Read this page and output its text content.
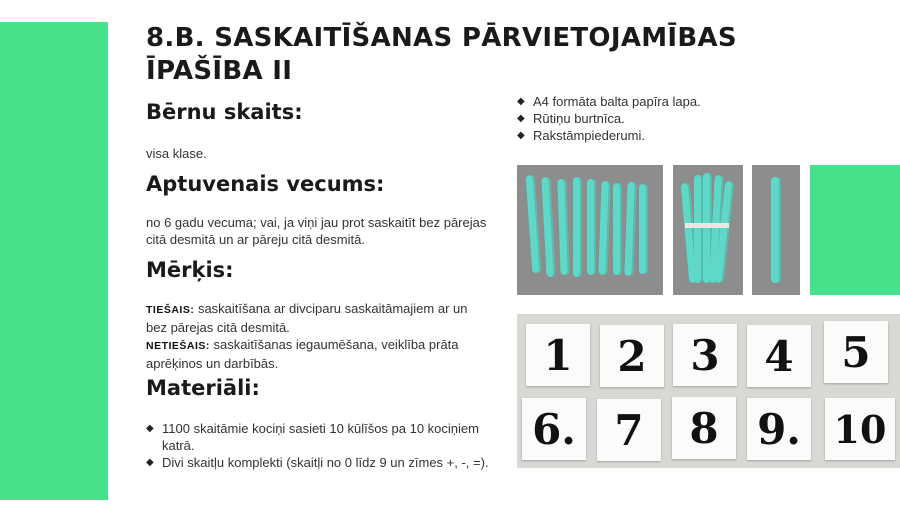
8.B. SASKAITĪŠANAS PĀRVIETOJAMĪBAS ĪPAŠĪBA II
Bērnu skaits:

visa klase.

Aptuvenais vecums:

no 6 gadu vecuma; vai, ja viņi jau prot saskaitīt bez pārejas citā desmitā un ar pāreju citā desmitā.

Mērķis:

TIEŠAIS: saskaitīšana ar divciparu saskaitāmajiem ar un bez pārejas citā desmitā.
NETIEŠAIS: saskaitīšanas iegaumēšana, veiklība prāta aprēķinos un darbībās.

Materiāli:
◆ 1100 skaitāmie kociņi sasieti 10 kūlīšos pa 10 kociņiem katrā.
◆ Divi skaitļu komplekti (skaitļi no 0 līdz 9 un zīmes +, -, =).
◆ A4 formāta balta papīra lapa.
◆ Rūtiņu burtnīca.
◆ Rakstāmpiederumi.
1	2	3	4	5
6. 7	8 9. 10
